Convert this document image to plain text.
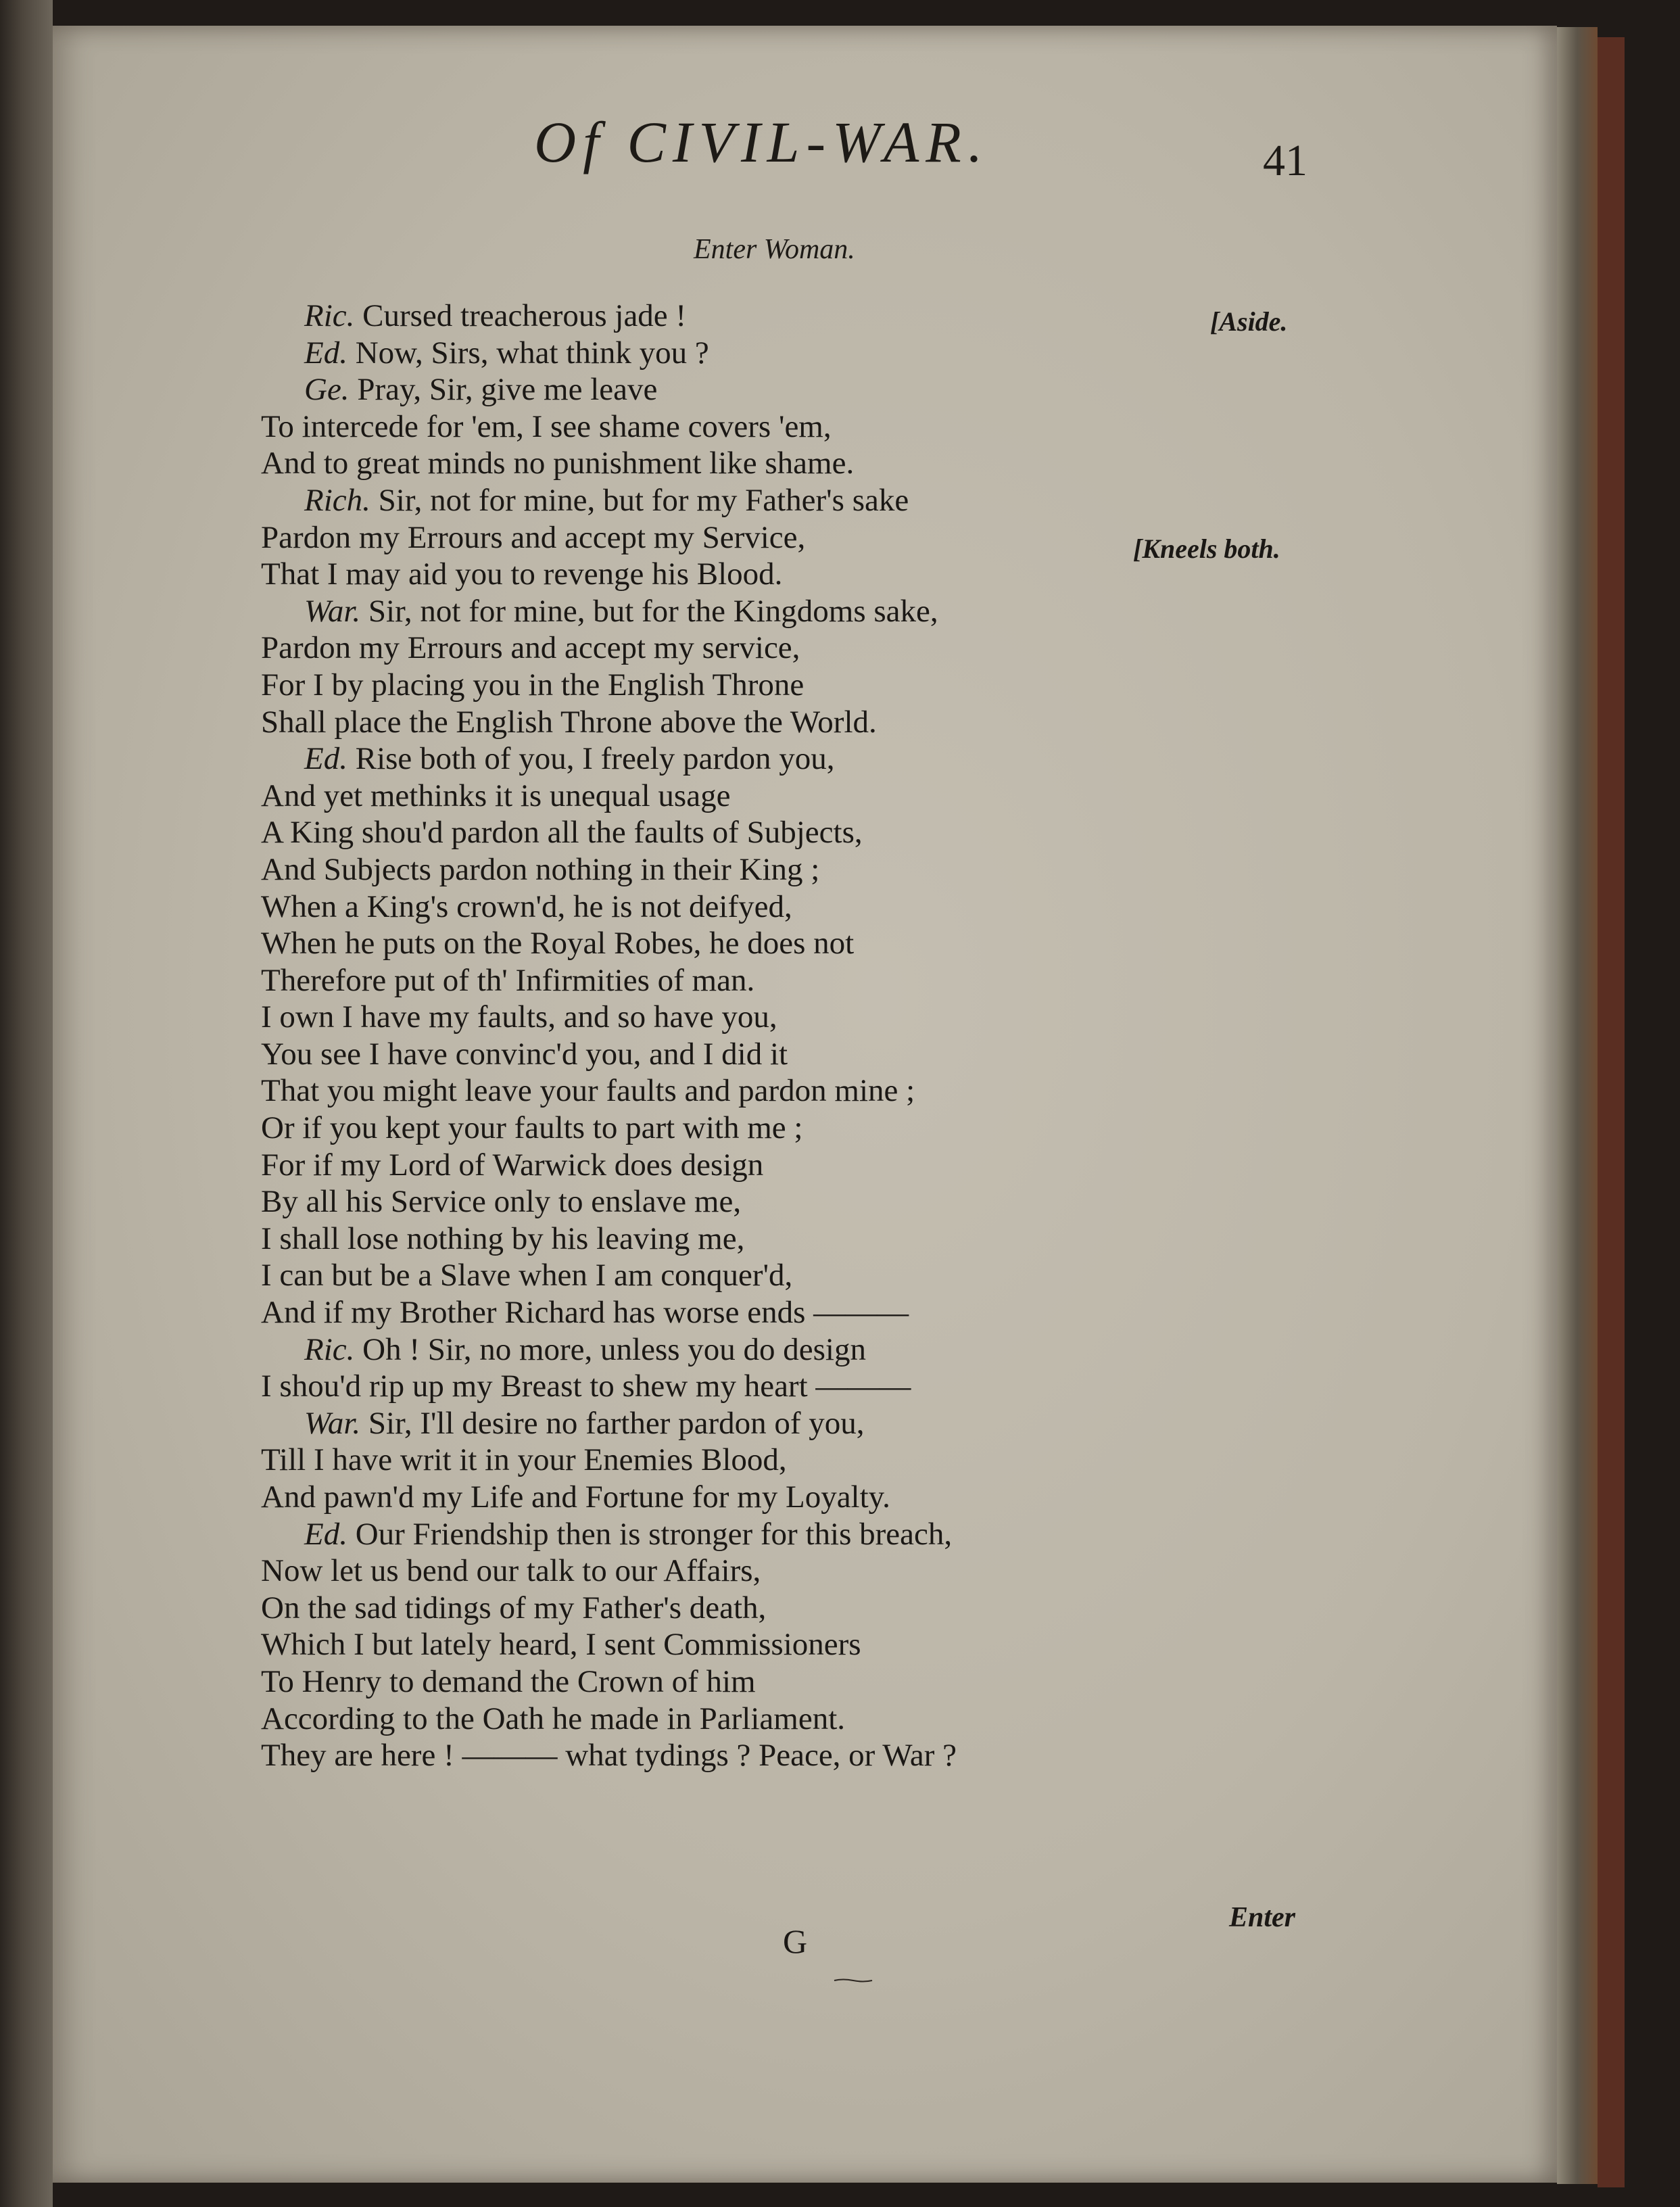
Of CIVIL-WAR.	41
Enter Woman.
Ric. Cursed treacherous jade !
Ed. Now, Sirs, what think you ?
Ge. Pray, Sir, give me leave
To intercede for 'em, I see shame covers 'em,
And to great minds no punishment like shame.
Rich. Sir, not for mine, but for my Father's sake
Pardon my Errours and accept my Service,
That I may aid you to revenge his Blood.
War. Sir, not for mine, but for the Kingdoms sake,
Pardon my Errours and accept my service,
For I by placing you in the English Throne
Shall place the English Throne above the World.
Ed. Rise both of you, I freely pardon you,
And yet methinks it is unequal usage
A King shou'd pardon all the faults of Subjects,
And Subjects pardon nothing in their King ;
When a King's crown'd, he is not deifyed,
When he puts on the Royal Robes, he does not
Therefore put of th' Infirmities of man.
I own I have my faults, and so have you,
You see I have convinc'd you, and I did it
That you might leave your faults and pardon mine ;
Or if you kept your faults to part with me ;
For if my Lord of Warwick does design
By all his Service only to enslave me,
I shall lose nothing by his leaving me,
I can but be a Slave when I am conquer'd,
And if my Brother Richard has worse ends ———
Ric. Oh ! Sir, no more, unless you do design
I shou'd rip up my Breast to shew my heart ———
War. Sir, I'll desire no farther pardon of you,
Till I have writ it in your Enemies Blood,
And pawn'd my Life and Fortune for my Loyalty.
Ed. Our Friendship then is stronger for this breach,
Now let us bend our talk to our Affairs,
On the sad tidings of my Father's death,
Which I but lately heard, I sent Commissioners
To Henry to demand the Crown of him
According to the Oath he made in Parliament.
They are here ! ——— what tydings ? Peace, or War ?
[Aside.
[Kneels both.
G
Enter
